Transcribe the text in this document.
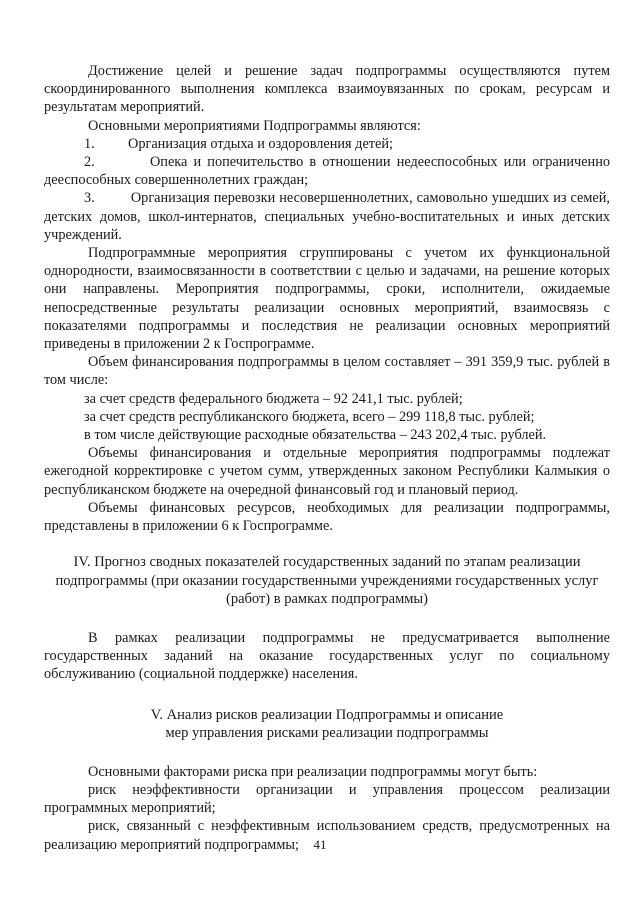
Достижение целей и решение задач подпрограммы осуществляются путем скоординированного выполнения комплекса взаимоувязанных по срокам, ресурсам и результатам мероприятий.

Основными мероприятиями Подпрограммы являются:

1.	Организация отдыха и оздоровления детей;

2.	Опека и попечительство в отношении недееспособных или ограниченно дееспособных совершеннолетних граждан;

3.	Организация перевозки несовершеннолетних, самовольно ушедших из семей, детских домов, школ-интернатов, специальных учебно-воспитательных и иных детских учреждений.

Подпрограммные мероприятия сгруппированы с учетом их функциональной однородности, взаимосвязанности в соответствии с целью и задачами, на решение которых они направлены. Мероприятия подпрограммы, сроки, исполнители, ожидаемые непосредственные результаты реализации основных мероприятий, взаимосвязь с показателями подпрограммы и последствия не реализации основных мероприятий приведены в приложении 2 к Госпрограмме.

Объем финансирования подпрограммы в целом составляет – 391 359,9 тыс. рублей в том числе:

за счет средств федерального бюджета – 92 241,1 тыс. рублей;

за счет средств республиканского бюджета, всего – 299 118,8 тыс. рублей;

в том числе действующие расходные обязательства – 243 202,4 тыс. рублей.

Объемы финансирования и отдельные мероприятия подпрограммы подлежат ежегодной корректировке с учетом сумм, утвержденных законом Республики Калмыкия о республиканском бюджете на очередной финансовый год и плановый период.

Объемы финансовых ресурсов, необходимых для реализации подпрограммы, представлены в приложении 6 к Госпрограмме.

IV. Прогноз сводных показателей государственных заданий по этапам реализации подпрограммы (при оказании государственными учреждениями государственных услуг (работ) в рамках подпрограммы)

В рамках реализации подпрограммы не предусматривается выполнение государственных заданий на оказание государственных услуг по социальному обслуживанию (социальной поддержке) населения.

V. Анализ рисков реализации Подпрограммы и описание
мер управления рисками реализации подпрограммы

Основными факторами риска при реализации подпрограммы могут быть:

риск неэффективности организации и управления процессом реализации программных мероприятий;

риск, связанный с неэффективным использованием средств, предусмотренных на реализацию мероприятий подпрограммы;	41
